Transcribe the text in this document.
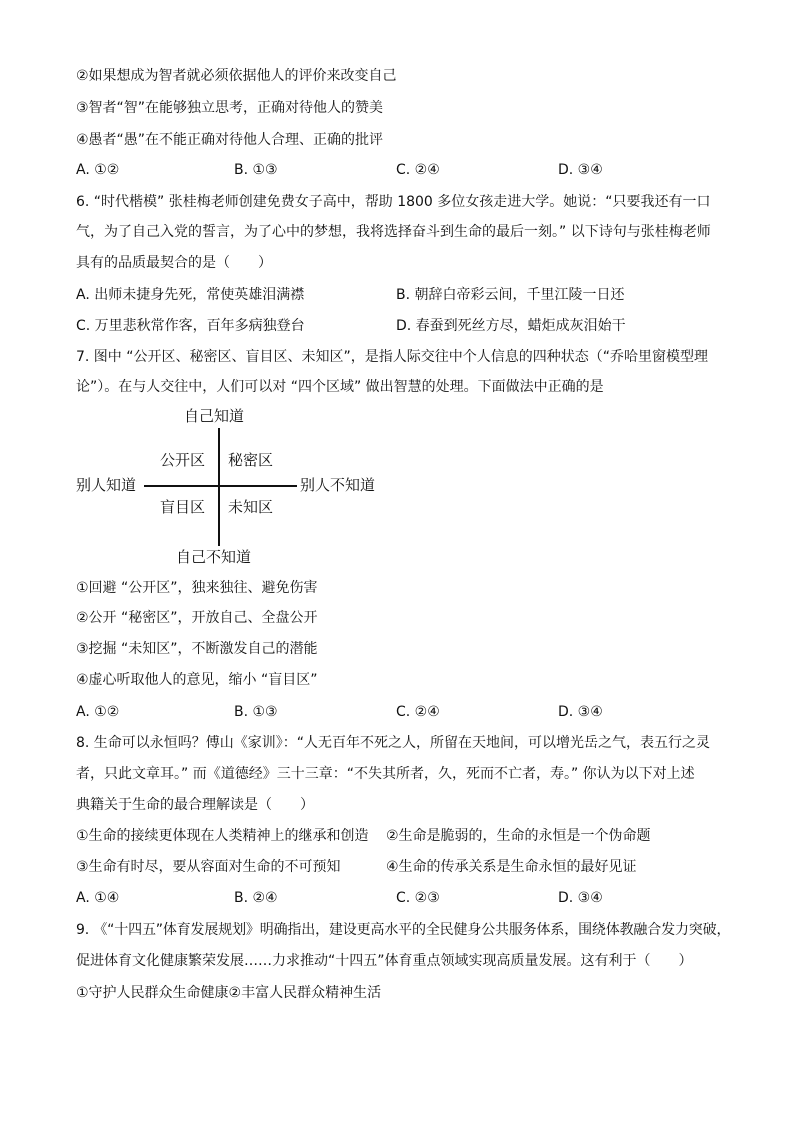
②如果想成为智者就必须依据他人的评价来改变自己
③智者“智”在能够独立思考，正确对待他人的赞美
④愚者“愚”在不能正确对待他人合理、正确的批评
A. ①②	B. ①③	C. ②④	D. ③④
6. “时代楷模” 张桂梅老师创建免费女子高中，帮助 1800 多位女孩走进大学。她说：“只要我还有一口
气，为了自己入党的誓言，为了心中的梦想，我将选择奋斗到生命的最后一刻。” 以下诗句与张桂梅老师
具有的品质最契合的是（　　）
A. 出师未捷身先死，常使英雄泪满襟	B. 朝辞白帝彩云间，千里江陵一日还
C. 万里悲秋常作客，百年多病独登台	D. 春蚕到死丝方尽，蜡炬成灰泪始干
7. 图中 “公开区、秘密区、盲目区、未知区”，是指人际交往中个人信息的四种状态（“乔哈里窗模型理
论”）。在与人交往中，人们可以对 “四个区域” 做出智慧的处理。下面做法中正确的是
自己知道
自己不知道
别人知道	别人不知道
公开区 秘密区
盲目区 未知区
①回避 “公开区”，独来独往、避免伤害
②公开 “秘密区”，开放自己、全盘公开
③挖掘 “未知区”，不断激发自己的潜能
④虚心听取他人的意见，缩小 “盲目区”
A. ①②	B. ①③	C. ②④	D. ③④
8. 生命可以永恒吗？傅山《家训》：“人无百年不死之人，所留在天地间，可以增光岳之气，表五行之灵
者，只此文章耳。” 而《道德经》三十三章：“不失其所者，久，死而不亡者，寿。” 你认为以下对上述
典籍关于生命的最合理解读是（　　）
①生命的接续更体现在人类精神上的继承和创造 ②生命是脆弱的，生命的永恒是一个伪命题
③生命有时尽，要从容面对生命的不可预知	④生命的传承关系是生命永恒的最好见证
A. ①④	B. ②④	C. ②③	D. ③④
9. 《“十四五”体育发展规划》明确指出，建设更高水平的全民健身公共服务体系，围绕体教融合发力突破，
促进体育文化健康繁荣发展……力求推动“十四五”体育重点领域实现高质量发展。这有利于（　　）
①守护人民群众生命健康②丰富人民群众精神生活
